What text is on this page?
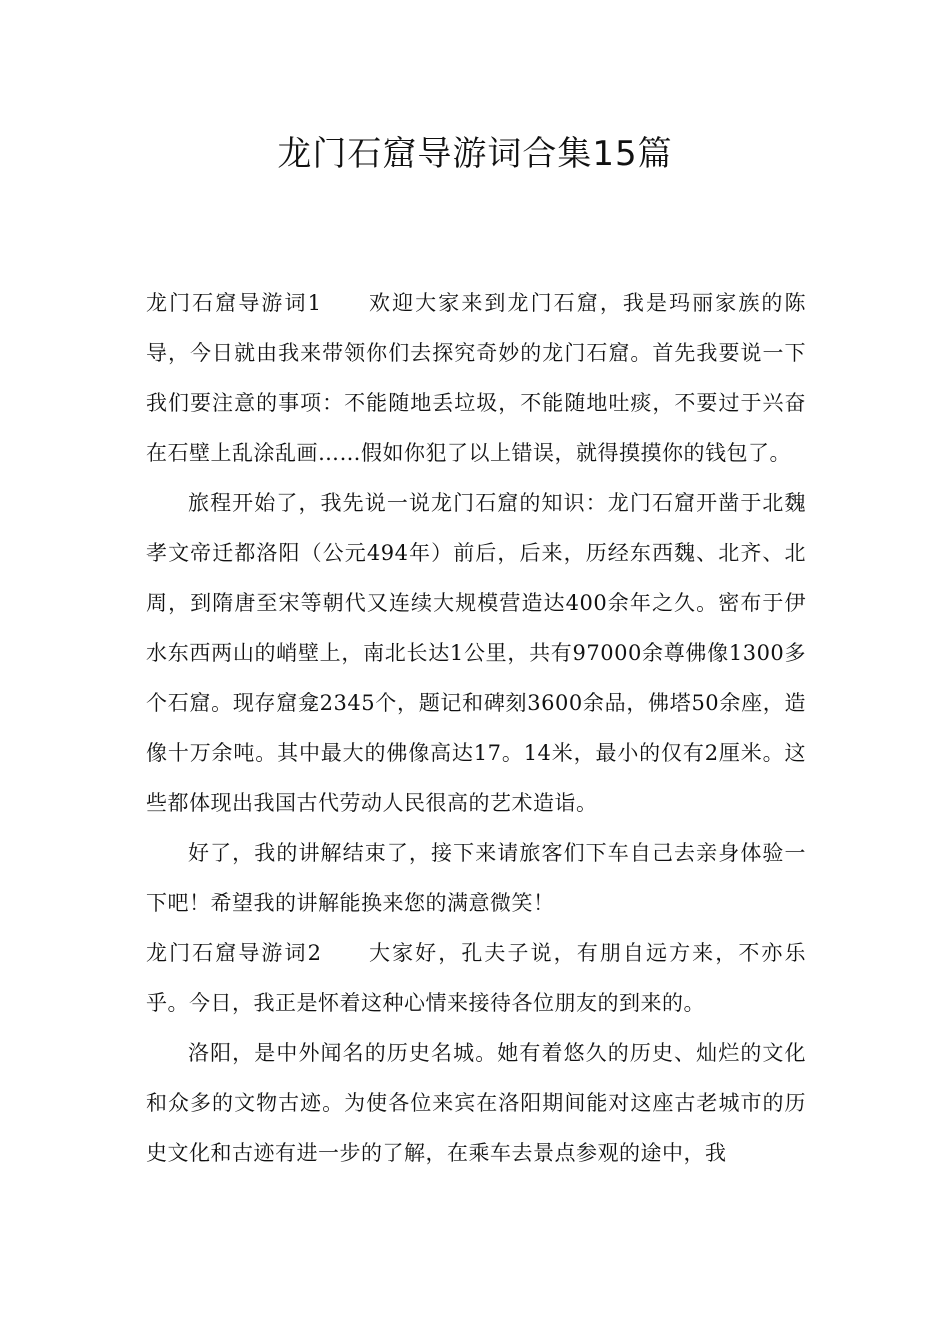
龙门石窟导游词合集15篇

龙门石窟导游词1 欢迎大家来到龙门石窟，我是玛丽家族的陈导，今日就由我来带领你们去探究奇妙的龙门石窟。首先我要说一下我们要注意的事项：不能随地丢垃圾，不能随地吐痰，不要过于兴奋在石壁上乱涂乱画……假如你犯了以上错误，就得摸摸你的钱包了。

旅程开始了，我先说一说龙门石窟的知识：龙门石窟开凿于北魏孝文帝迁都洛阳（公元494年）前后，后来，历经东西魏、北齐、北周，到隋唐至宋等朝代又连续大规模营造达400余年之久。密布于伊水东西两山的峭壁上，南北长达1公里，共有97000余尊佛像1300多个石窟。现存窟龛2345个，题记和碑刻3600余品，佛塔50余座，造像十万余吨。其中最大的佛像高达17。14米，最小的仅有2厘米。这些都体现出我国古代劳动人民很高的艺术造诣。

好了，我的讲解结束了，接下来请旅客们下车自己去亲身体验一下吧！希望我的讲解能换来您的满意微笑！

龙门石窟导游词2 大家好，孔夫子说，有朋自远方来，不亦乐乎。今日，我正是怀着这种心情来接待各位朋友的到来的。

洛阳，是中外闻名的历史名城。她有着悠久的历史、灿烂的文化和众多的文物古迹。为使各位来宾在洛阳期间能对这座古老城市的历史文化和古迹有进一步的了解，在乘车去景点参观的途中，我
